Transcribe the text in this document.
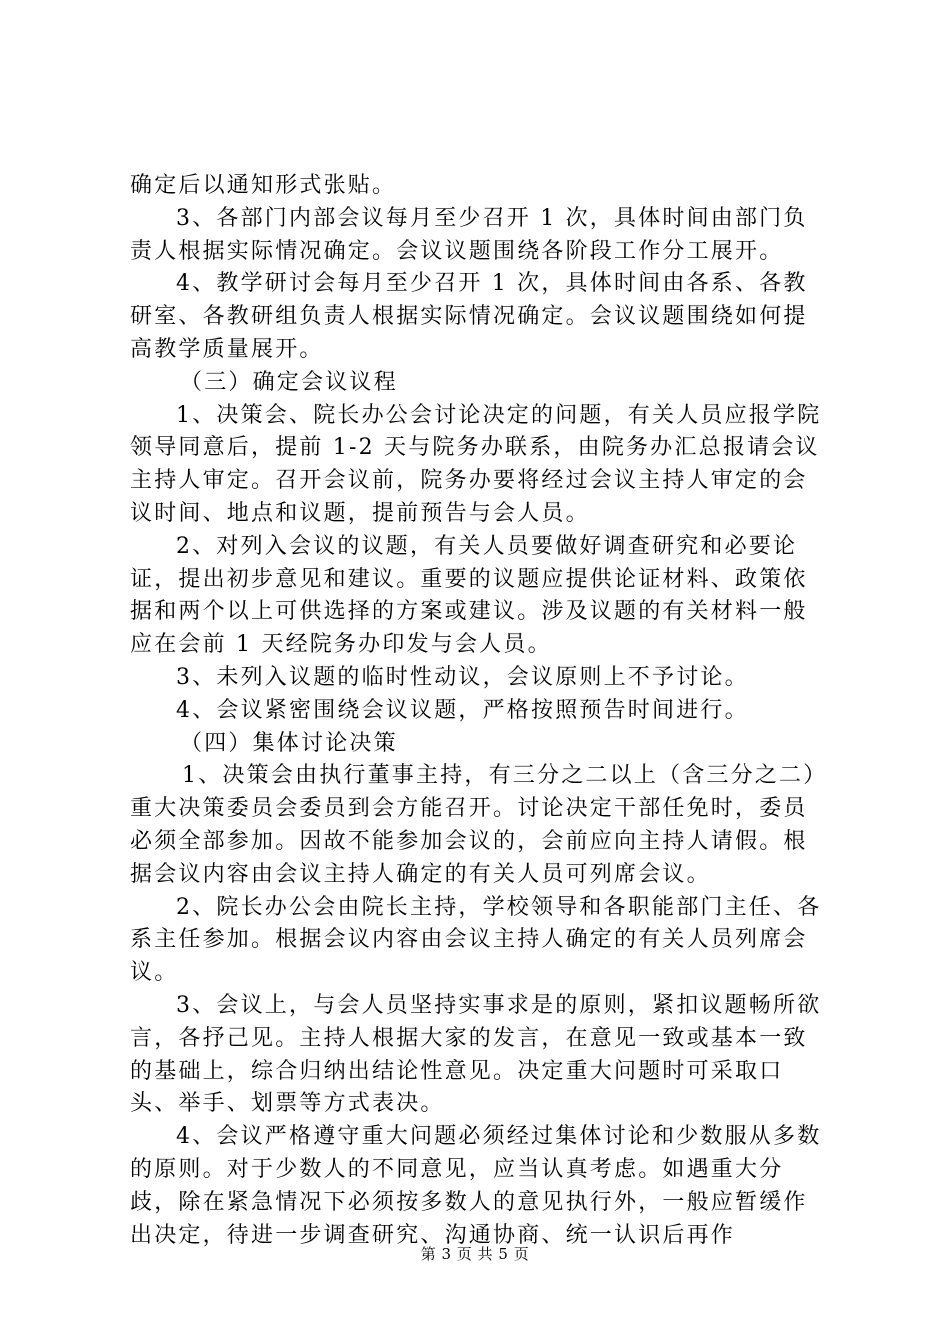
确定后以通知形式张贴。

3、各部门内部会议每月至少召开 1 次，具体时间由部门负责人根据实际情况确定。会议议题围绕各阶段工作分工展开。

4、教学研讨会每月至少召开 1 次，具体时间由各系、各教研室、各教研组负责人根据实际情况确定。会议议题围绕如何提高教学质量展开。

（三）确定会议议程

1、决策会、院长办公会讨论决定的问题，有关人员应报学院领导同意后，提前 1-2 天与院务办联系，由院务办汇总报请会议主持人审定。召开会议前，院务办要将经过会议主持人审定的会议时间、地点和议题，提前预告与会人员。

2、对列入会议的议题，有关人员要做好调查研究和必要论证，提出初步意见和建议。重要的议题应提供论证材料、政策依据和两个以上可供选择的方案或建议。涉及议题的有关材料一般应在会前 1 天经院务办印发与会人员。

3、未列入议题的临时性动议，会议原则上不予讨论。

4、会议紧密围绕会议议题，严格按照预告时间进行。

（四）集体讨论决策

1、决策会由执行董事主持，有三分之二以上（含三分之二）重大决策委员会委员到会方能召开。讨论决定干部任免时，委员必须全部参加。因故不能参加会议的，会前应向主持人请假。根据会议内容由会议主持人确定的有关人员可列席会议。

2、院长办公会由院长主持，学校领导和各职能部门主任、各系主任参加。根据会议内容由会议主持人确定的有关人员列席会议。

3、会议上，与会人员坚持实事求是的原则，紧扣议题畅所欲言，各抒己见。主持人根据大家的发言，在意见一致或基本一致的基础上，综合归纳出结论性意见。决定重大问题时可采取口头、举手、划票等方式表决。

4、会议严格遵守重大问题必须经过集体讨论和少数服从多数的原则。对于少数人的不同意见，应当认真考虑。如遇重大分歧，除在紧急情况下必须按多数人的意见执行外，一般应暂缓作出决定，待进一步调查研究、沟通协商、统一认识后再作

第 3 页 共 5 页
